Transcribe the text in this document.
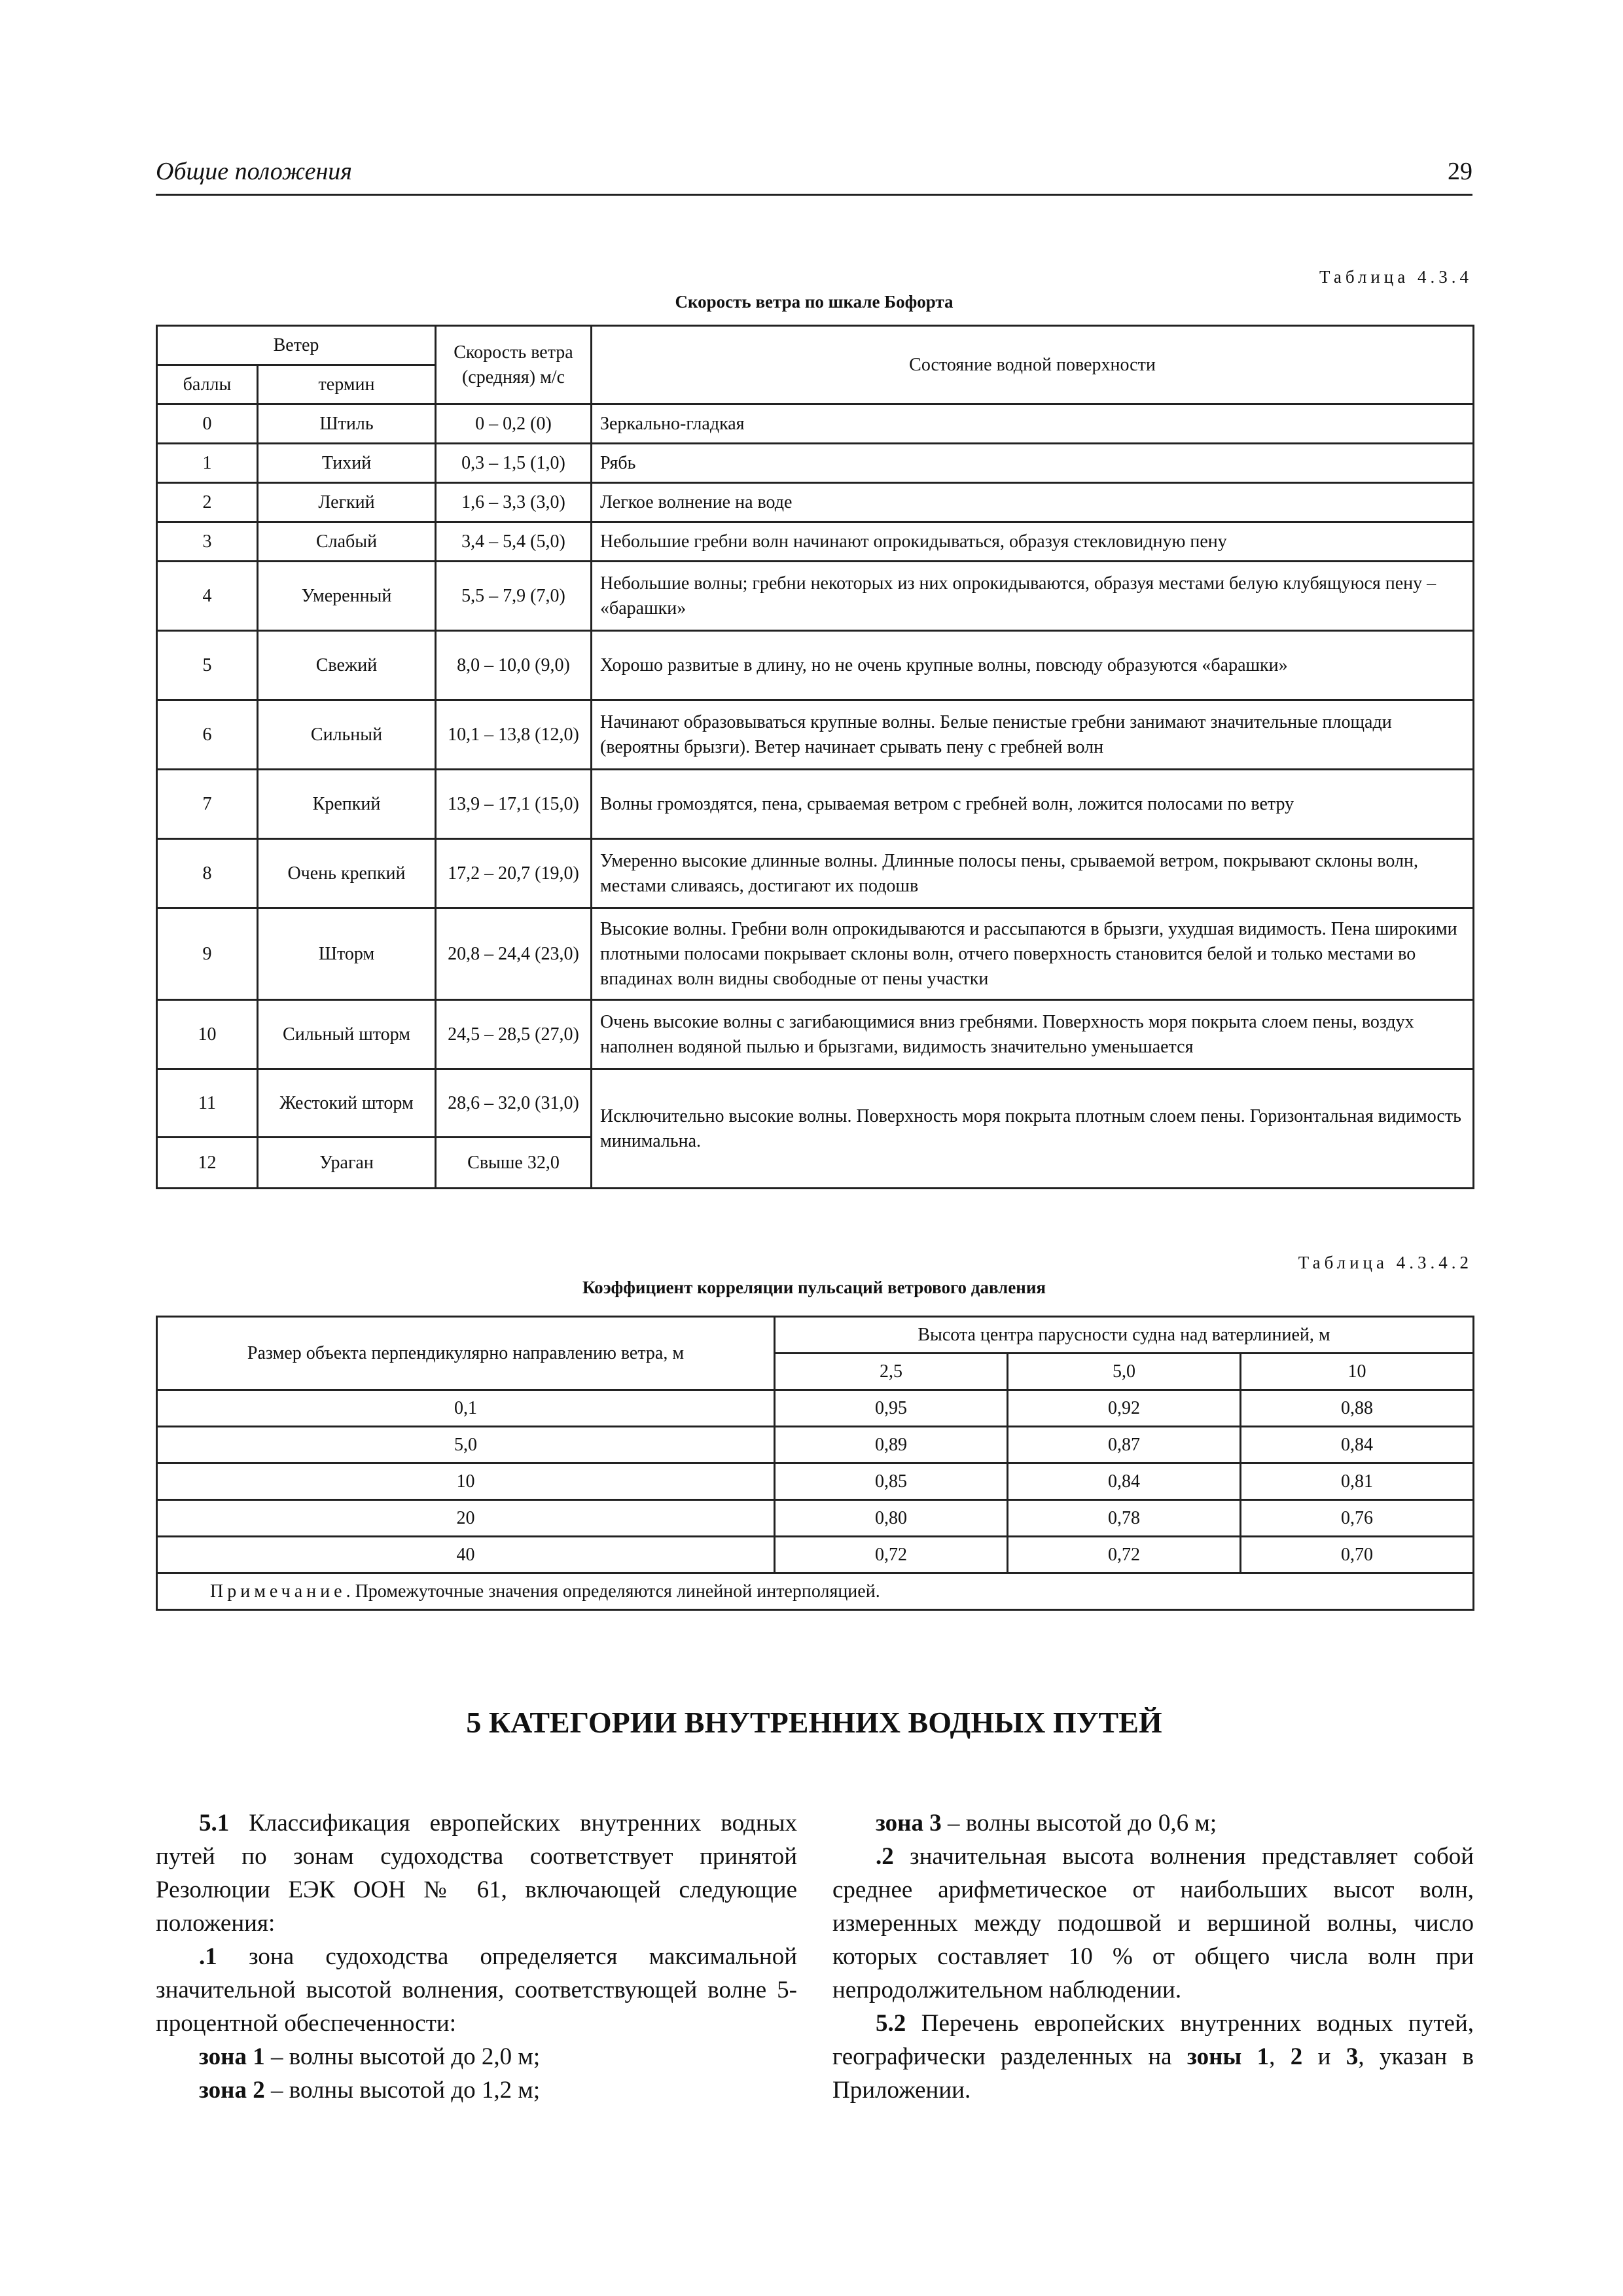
Общие положения	29
Таблица 4.3.4
Скорость ветра по шкале Бофорта
Ветер		Скорость ветра (средняя) м/с	Состояние водной поверхности
баллы	термин		
0	Штиль	0 – 0,2 (0)	Зеркально-гладкая
1	Тихий	0,3 – 1,5 (1,0)	Рябь
2	Легкий	1,6 – 3,3 (3,0)	Легкое волнение на воде
3	Слабый	3,4 – 5,4 (5,0)	Небольшие гребни волн начинают опрокидываться, образуя стекловидную пену
4	Умеренный	5,5 – 7,9 (7,0)	Небольшие волны; гребни некоторых из них опрокидываются, образуя местами белую клубящуюся пену – «барашки»
5	Свежий	8,0 – 10,0 (9,0)	Хорошо развитые в длину, но не очень крупные волны, повсюду образуются «барашки»
6	Сильный	10,1 – 13,8 (12,0)	Начинают образовываться крупные волны. Белые пенистые гребни занимают значительные площади (вероятны брызги). Ветер начинает срывать пену с гребней волн
7	Крепкий	13,9 – 17,1 (15,0)	Волны громоздятся, пена, срываемая ветром с гребней волн, ложится полосами по ветру
8	Очень крепкий	17,2 – 20,7 (19,0)	Умеренно высокие длинные волны. Длинные полосы пены, срываемой ветром, покрывают склоны волн, местами сливаясь, достигают их подошв
9	Шторм	20,8 – 24,4 (23,0)	Высокие волны. Гребни волн опрокидываются и рассыпаются в брызги, ухудшая видимость. Пена широкими плотными полосами покрывает склоны волн, отчего поверхность становится белой и только местами во впадинах волн видны свободные от пены участки
10	Сильный шторм	24,5 – 28,5 (27,0)	Очень высокие волны с загибающимися вниз гребнями. Поверхность моря покрыта слоем пены, воздух наполнен водяной пылью и брызгами, видимость значительно уменьшается
11	Жестокий шторм	28,6 – 32,0 (31,0)	Исключительно высокие волны. Поверхность моря покрыта плотным слоем пены. Горизонтальная видимость минимальна.
12	Ураган	Свыше 32,0	
Таблица 4.3.4.2
Коэффициент корреляции пульсаций ветрового давления
Размер объекта перпендикулярно направлению ветра, м	Высота центра парусности судна над ватерлинией, м		
	2,5	5,0	10
0,1	0,95	0,92	0,88
5,0	0,89	0,87	0,84
10	0,85	0,84	0,81
20	0,80	0,78	0,76
40	0,72	0,72	0,70
Примечание. Промежуточные значения определяются линейной интерполяцией.			
5 КАТЕГОРИИ ВНУТРЕННИХ ВОДНЫХ ПУТЕЙ

5.1 Классификация европейских внутренних водных путей по зонам судоходства соответствует принятой Резолюции ЕЭК ООН № 61, включающей следующие положения:

.1 зона судоходства определяется максимальной значительной высотой волнения, соответствующей волне 5-процентной обеспеченности:

зона 1 – волны высотой до 2,0 м;

зона 2 – волны высотой до 1,2 м;

зона 3 – волны высотой до 0,6 м;

.2 значительная высота волнения представляет собой среднее арифметическое от наибольших высот волн, измеренных между подошвой и вершиной волны, число которых составляет 10 % от общего числа волн при непродолжительном наблюдении.

5.2 Перечень европейских внутренних водных путей, географически разделенных на зоны 1, 2 и 3, указан в Приложении.
